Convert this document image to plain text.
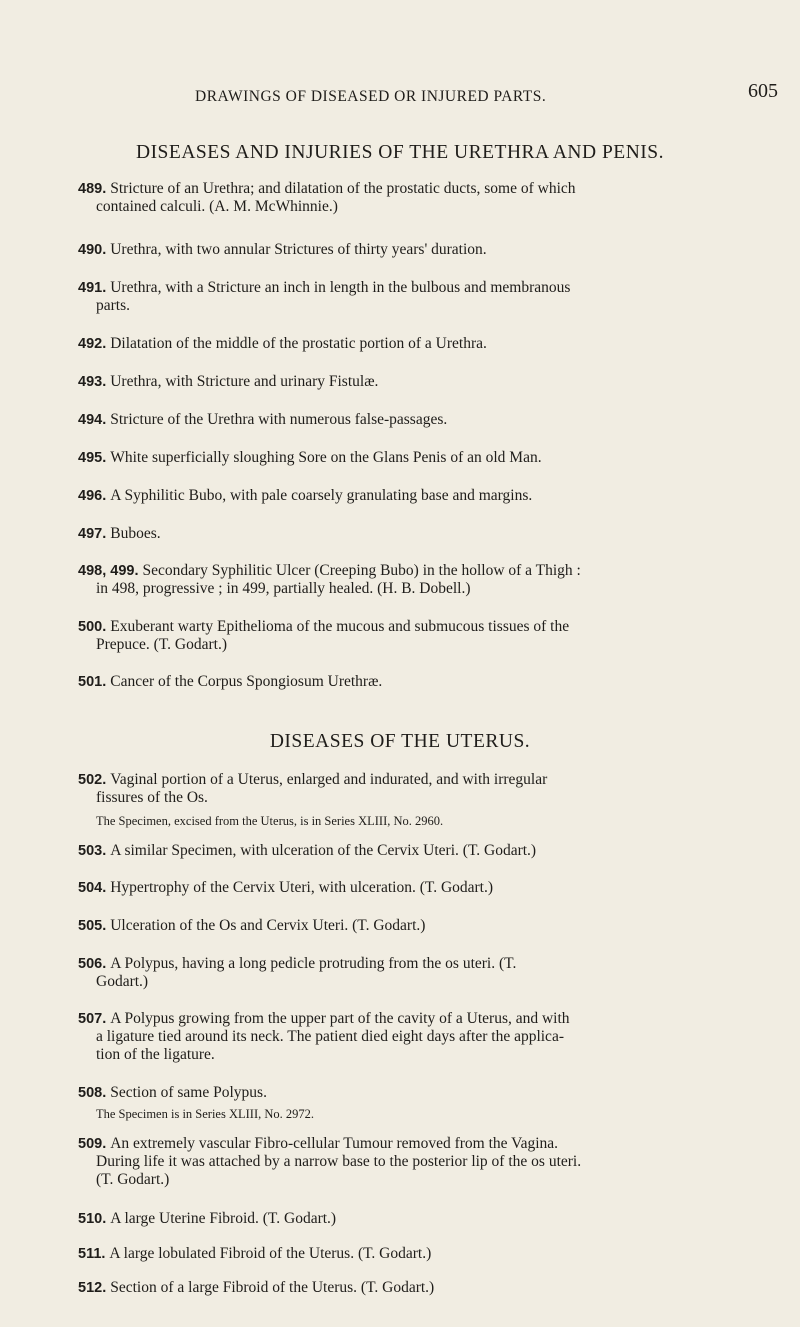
DRAWINGS OF DISEASED OR INJURED PARTS.	605
DISEASES AND INJURIES OF THE URETHRA AND PENIS.
489. Stricture of an Urethra; and dilatation of the prostatic ducts, some of which
contained calculi. (A. M. McWhinnie.)
490. Urethra, with two annular Strictures of thirty years' duration.
491. Urethra, with a Stricture an inch in length in the bulbous and membranous
parts.
492. Dilatation of the middle of the prostatic portion of a Urethra.
493. Urethra, with Stricture and urinary Fistulæ.
494. Stricture of the Urethra with numerous false-passages.
495. White superficially sloughing Sore on the Glans Penis of an old Man.
496. A Syphilitic Bubo, with pale coarsely granulating base and margins.
497. Buboes.
498, 499. Secondary Syphilitic Ulcer (Creeping Bubo) in the hollow of a Thigh :
in 498, progressive ; in 499, partially healed. (H. B. Dobell.)
500. Exuberant warty Epithelioma of the mucous and submucous tissues of the
Prepuce. (T. Godart.)
501. Cancer of the Corpus Spongiosum Urethræ.
DISEASES OF THE UTERUS.
502. Vaginal portion of a Uterus, enlarged and indurated, and with irregular
fissures of the Os.
The Specimen, excised from the Uterus, is in Series XLIII, No. 2960.
503. A similar Specimen, with ulceration of the Cervix Uteri. (T. Godart.)
504. Hypertrophy of the Cervix Uteri, with ulceration. (T. Godart.)
505. Ulceration of the Os and Cervix Uteri. (T. Godart.)
506. A Polypus, having a long pedicle protruding from the os uteri. (T.
Godart.)
507. A Polypus growing from the upper part of the cavity of a Uterus, and with
a ligature tied around its neck. The patient died eight days after the applica-
tion of the ligature.
508. Section of same Polypus.
The Specimen is in Series XLIII, No. 2972.
509. An extremely vascular Fibro-cellular Tumour removed from the Vagina.
During life it was attached by a narrow base to the posterior lip of the os uteri.
(T. Godart.)
510. A large Uterine Fibroid. (T. Godart.)
511. A large lobulated Fibroid of the Uterus. (T. Godart.)
512. Section of a large Fibroid of the Uterus. (T. Godart.)
